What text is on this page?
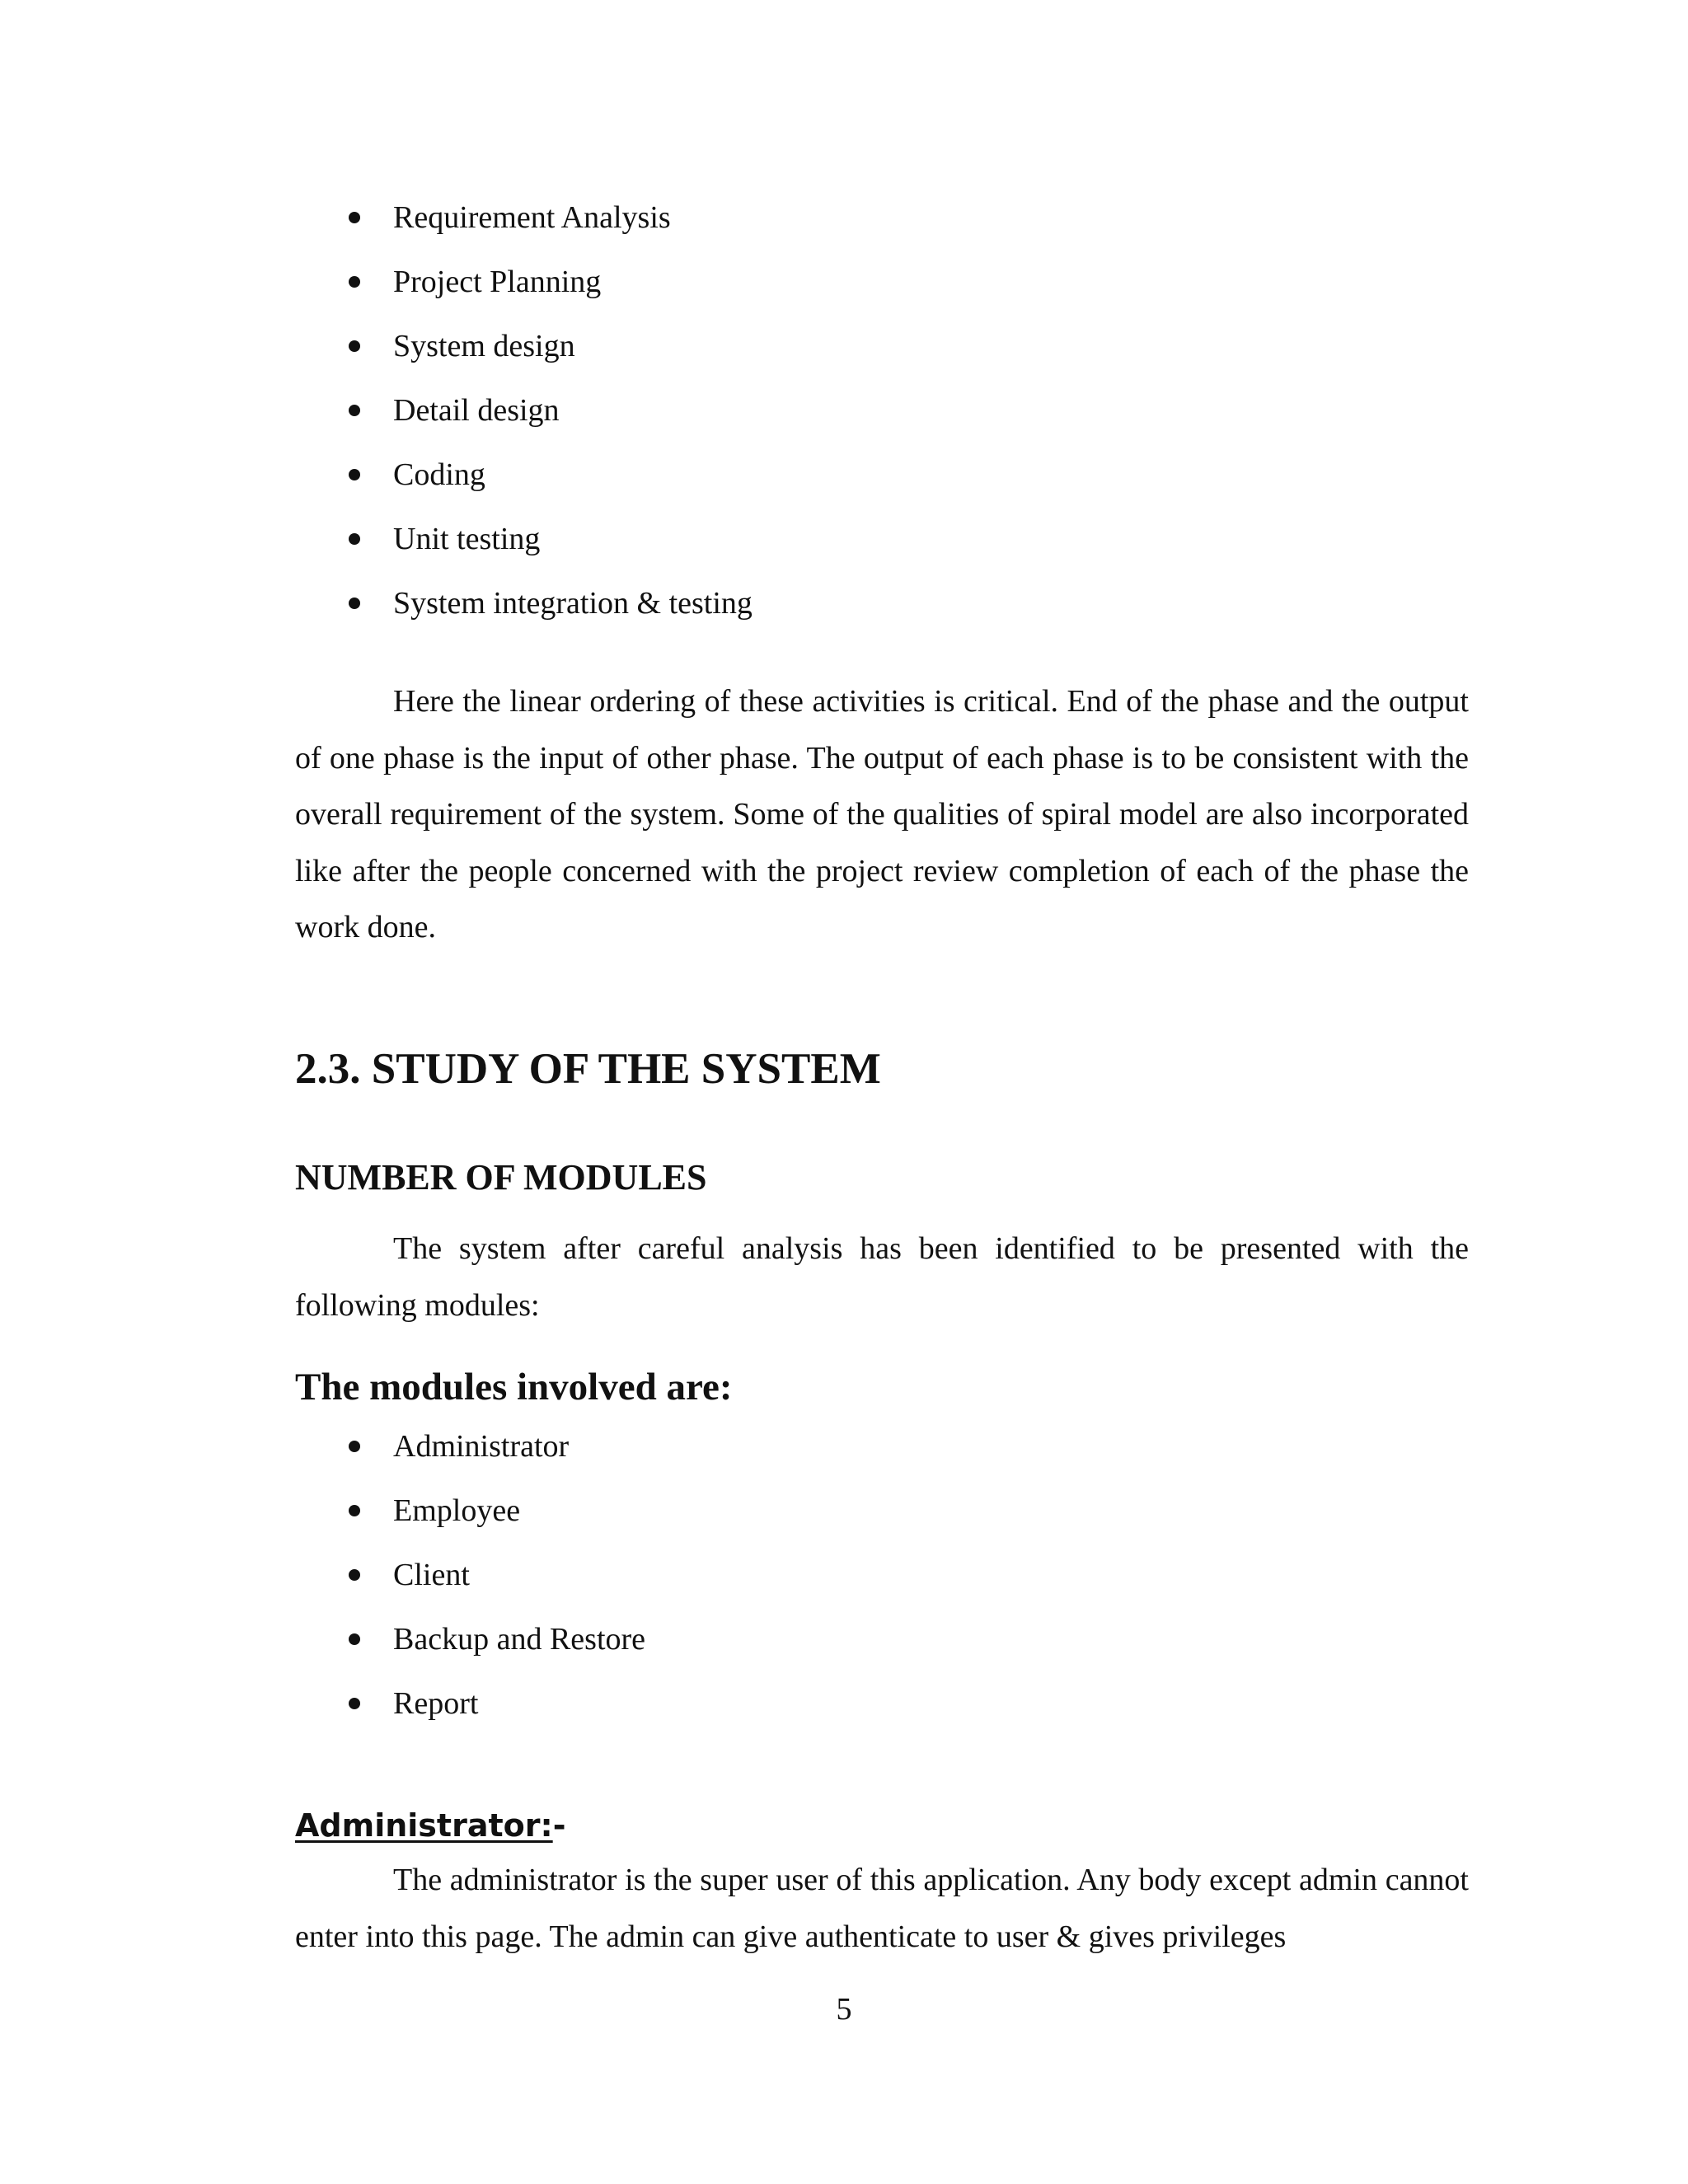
Requirement Analysis
Project Planning
System design
Detail design
Coding
Unit testing
System integration & testing

Here the linear ordering of these activities is critical. End of the phase and the output of one phase is the input of other phase. The output of each phase is to be consistent with the overall requirement of the system. Some of the qualities of spiral model are also incorporated like after the people concerned with the project review completion of each of the phase the work done.

2.3. STUDY OF THE SYSTEM
NUMBER OF MODULES

The system after careful analysis has been identified to be presented with the following modules:

The modules involved are:
Administrator
Employee
Client
Backup and Restore
Report
Administrator:-

The administrator is the super user of this application. Any body except admin cannot enter into this page. The admin can give authenticate to user & gives privileges

5
